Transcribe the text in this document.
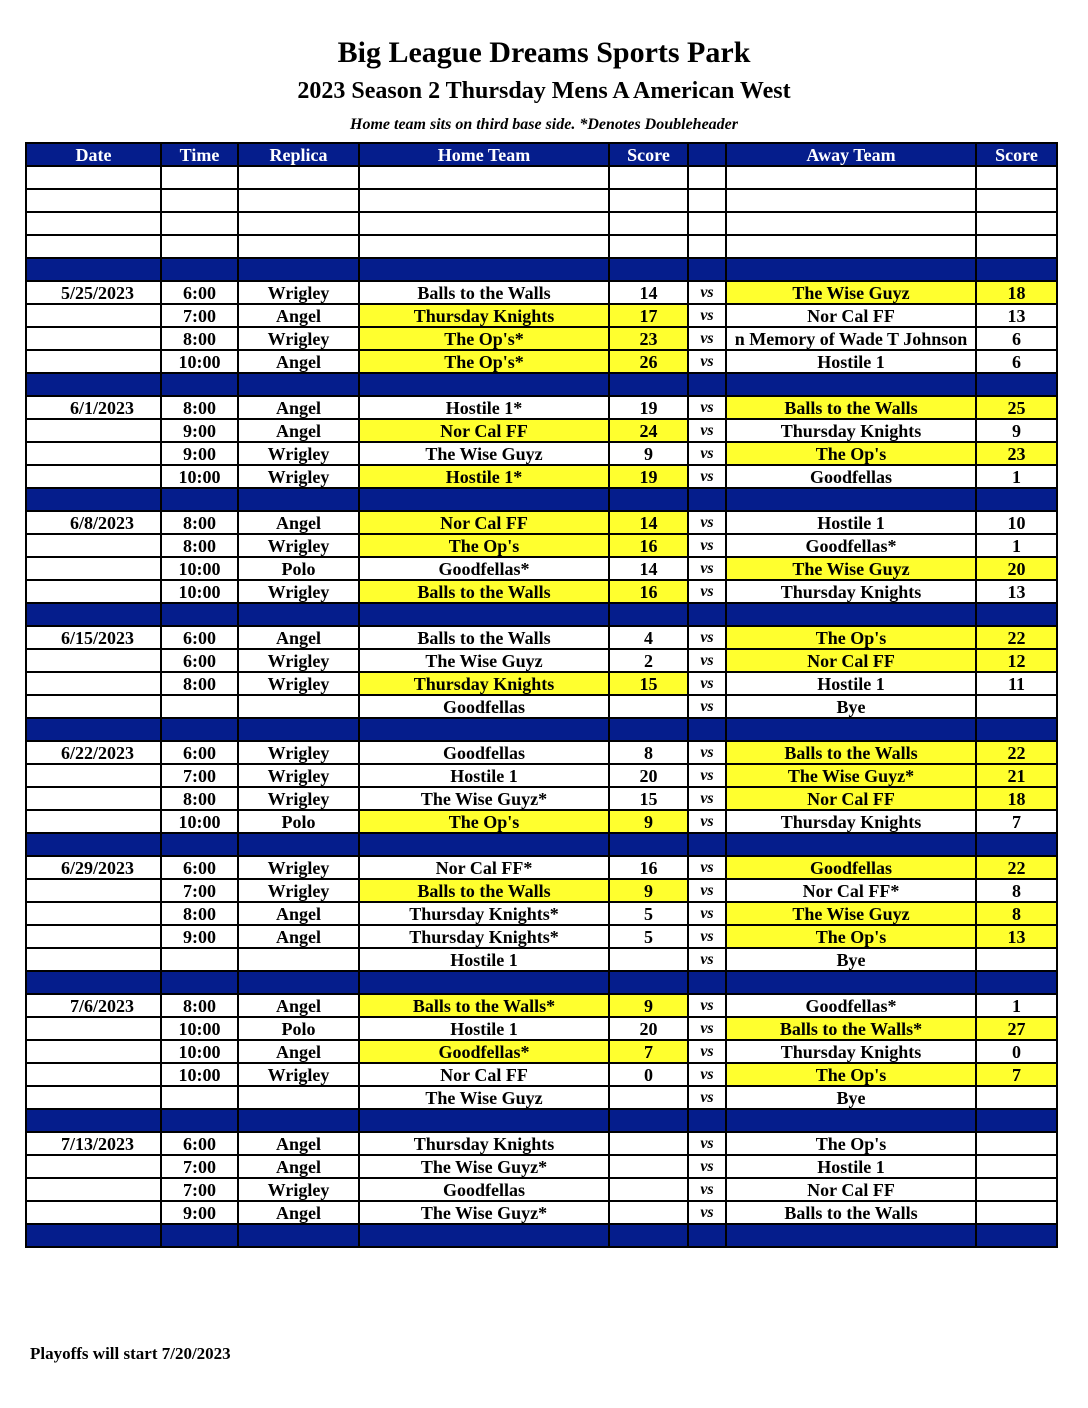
Big League Dreams Sports Park
2023 Season 2 Thursday Mens A American West
Home team sits on third base side. *Denotes Doubleheader
Date	Time	Replica	Home Team	Score		Away Team	Score

5/25/2023	6:00	Wrigley	Balls to the Walls	14	vs	The Wise Guyz	18
	7:00	Angel	Thursday Knights	17	vs	Nor Cal FF	13
	8:00	Wrigley	The Op's*	23	vs	n Memory of Wade T Johnson	6
	10:00	Angel	The Op's*	26	vs	Hostile 1	6

6/1/2023	8:00	Angel	Hostile 1*	19	vs	Balls to the Walls	25
	9:00	Angel	Nor Cal FF	24	vs	Thursday Knights	9
	9:00	Wrigley	The Wise Guyz	9	vs	The Op's	23
	10:00	Wrigley	Hostile 1*	19	vs	Goodfellas	1

6/8/2023	8:00	Angel	Nor Cal FF	14	vs	Hostile 1	10
	8:00	Wrigley	The Op's	16	vs	Goodfellas*	1
	10:00	Polo	Goodfellas*	14	vs	The Wise Guyz	20
	10:00	Wrigley	Balls to the Walls	16	vs	Thursday Knights	13

6/15/2023	6:00	Angel	Balls to the Walls	4	vs	The Op's	22
	6:00	Wrigley	The Wise Guyz	2	vs	Nor Cal FF	12
	8:00	Wrigley	Thursday Knights	15	vs	Hostile 1	11
			Goodfellas		vs	Bye	

6/22/2023	6:00	Wrigley	Goodfellas	8	vs	Balls to the Walls	22
	7:00	Wrigley	Hostile 1	20	vs	The Wise Guyz*	21
	8:00	Wrigley	The Wise Guyz*	15	vs	Nor Cal FF	18
	10:00	Polo	The Op's	9	vs	Thursday Knights	7

6/29/2023	6:00	Wrigley	Nor Cal FF*	16	vs	Goodfellas	22
	7:00	Wrigley	Balls to the Walls	9	vs	Nor Cal FF*	8
	8:00	Angel	Thursday Knights*	5	vs	The Wise Guyz	8
	9:00	Angel	Thursday Knights*	5	vs	The Op's	13
			Hostile 1		vs	Bye	

7/6/2023	8:00	Angel	Balls to the Walls*	9	vs	Goodfellas*	1
	10:00	Polo	Hostile 1	20	vs	Balls to the Walls*	27
	10:00	Angel	Goodfellas*	7	vs	Thursday Knights	0
	10:00	Wrigley	Nor Cal FF	0	vs	The Op's	7
			The Wise Guyz		vs	Bye	

7/13/2023	6:00	Angel	Thursday Knights		vs	The Op's	
	7:00	Angel	The Wise Guyz*		vs	Hostile 1	
	7:00	Wrigley	Goodfellas		vs	Nor Cal FF	
	9:00	Angel	The Wise Guyz*		vs	Balls to the Walls	

Playoffs will start 7/20/2023
